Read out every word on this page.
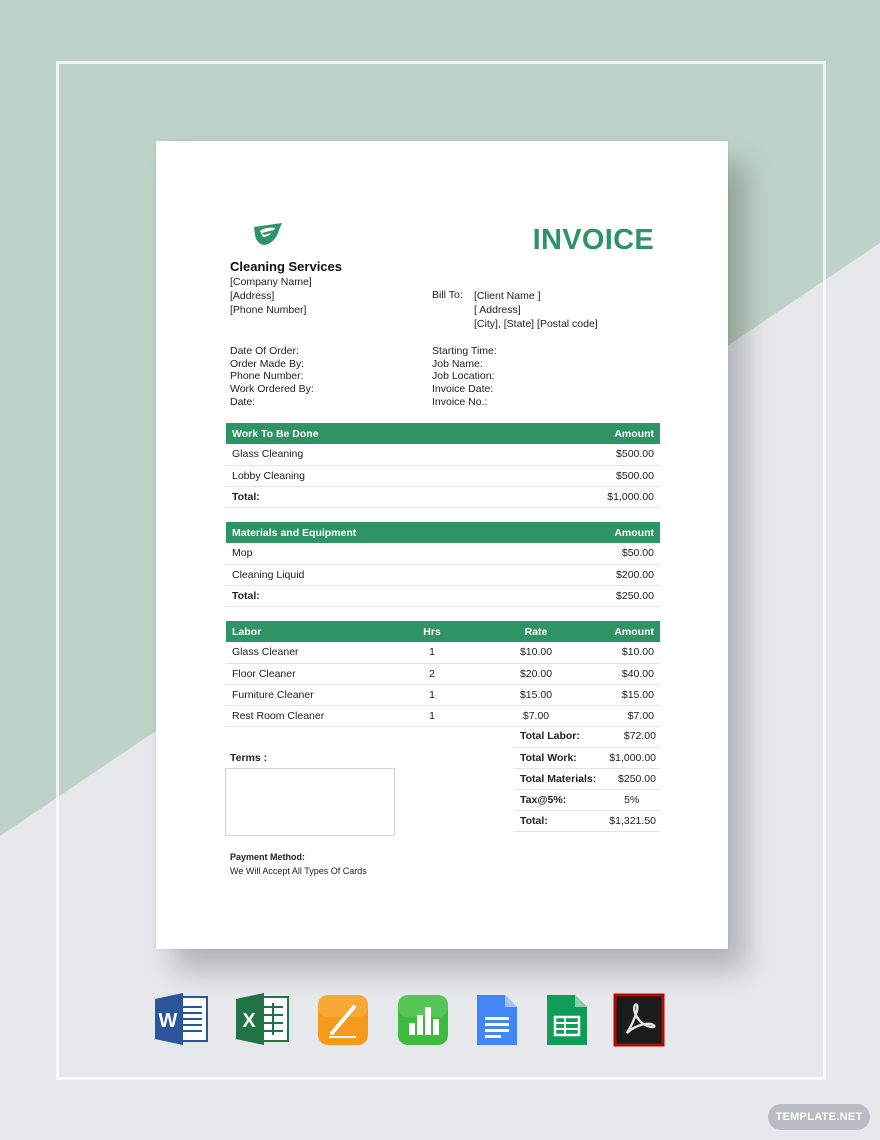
INVOICE
Cleaning Services
[Company Name]
[Address]
[Phone Number]
Bill To: [Client Name ]
[ Address]
[City], [State] [Postal code]
Date Of Order:
Order Made By:
Phone Number:
Work Ordered By:
Date:
Starting Time:
Job Name:
Job Location:
Invoice Date:
Invoice No.:
Work To Be Done	Amount
Glass Cleaning	$500.00
Lobby Cleaning	$500.00
Total:	$1,000.00
Materials and Equipment	Amount
Mop	$50.00
Cleaning Liquid	$200.00
Total:	$250.00
Labor	Hrs	Rate	Amount
Glass Cleaner	1	$10.00	$10.00
Floor Cleaner	2	$20.00	$40.00
Furniture Cleaner	1	$15.00	$15.00
Rest Room Cleaner	1	$7.00	$7.00
Total Labor:	$72.00
Total Work:	$1,000.00
Total Materials:	$250.00
Tax@5%:	5%
Total:	$1,321.50
Terms :
Payment Method:
We Will Accept All Types Of Cards
W	X
TEMPLATE.NET
